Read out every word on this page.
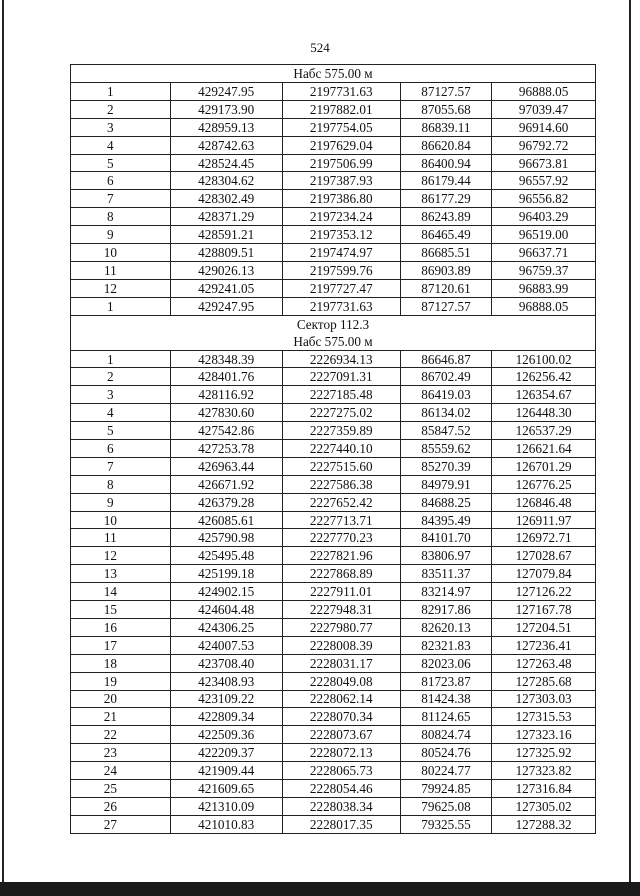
524
Набс 575.00 м				

1	429247.95	2197731.63	87127.57	96888.05
2	429173.90	2197882.01	87055.68	97039.47
3	428959.13	2197754.05	86839.11	96914.60
4	428742.63	2197629.04	86620.84	96792.72
5	428524.45	2197506.99	86400.94	96673.81
6	428304.62	2197387.93	86179.44	96557.92
7	428302.49	2197386.80	86177.29	96556.82
8	428371.29	2197234.24	86243.89	96403.29
9	428591.21	2197353.12	86465.49	96519.00
10	428809.51	2197474.97	86685.51	96637.71
11	429026.13	2197599.76	86903.89	96759.37
12	429241.05	2197727.47	87120.61	96883.99
1	429247.95	2197731.63	87127.57	96888.05

Сектор 112.3
Набс 575.00 м				

1	428348.39	2226934.13	86646.87	126100.02
2	428401.76	2227091.31	86702.49	126256.42
3	428116.92	2227185.48	86419.03	126354.67
4	427830.60	2227275.02	86134.02	126448.30
5	427542.86	2227359.89	85847.52	126537.29
6	427253.78	2227440.10	85559.62	126621.64
7	426963.44	2227515.60	85270.39	126701.29
8	426671.92	2227586.38	84979.91	126776.25
9	426379.28	2227652.42	84688.25	126846.48
10	426085.61	2227713.71	84395.49	126911.97
11	425790.98	2227770.23	84101.70	126972.71
12	425495.48	2227821.96	83806.97	127028.67
13	425199.18	2227868.89	83511.37	127079.84
14	424902.15	2227911.01	83214.97	127126.22
15	424604.48	2227948.31	82917.86	127167.78
16	424306.25	2227980.77	82620.13	127204.51
17	424007.53	2228008.39	82321.83	127236.41
18	423708.40	2228031.17	82023.06	127263.48
19	423408.93	2228049.08	81723.87	127285.68
20	423109.22	2228062.14	81424.38	127303.03
21	422809.34	2228070.34	81124.65	127315.53
22	422509.36	2228073.67	80824.74	127323.16
23	422209.37	2228072.13	80524.76	127325.92
24	421909.44	2228065.73	80224.77	127323.82
25	421609.65	2228054.46	79924.85	127316.84
26	421310.09	2228038.34	79625.08	127305.02
27	421010.83	2228017.35	79325.55	127288.32
